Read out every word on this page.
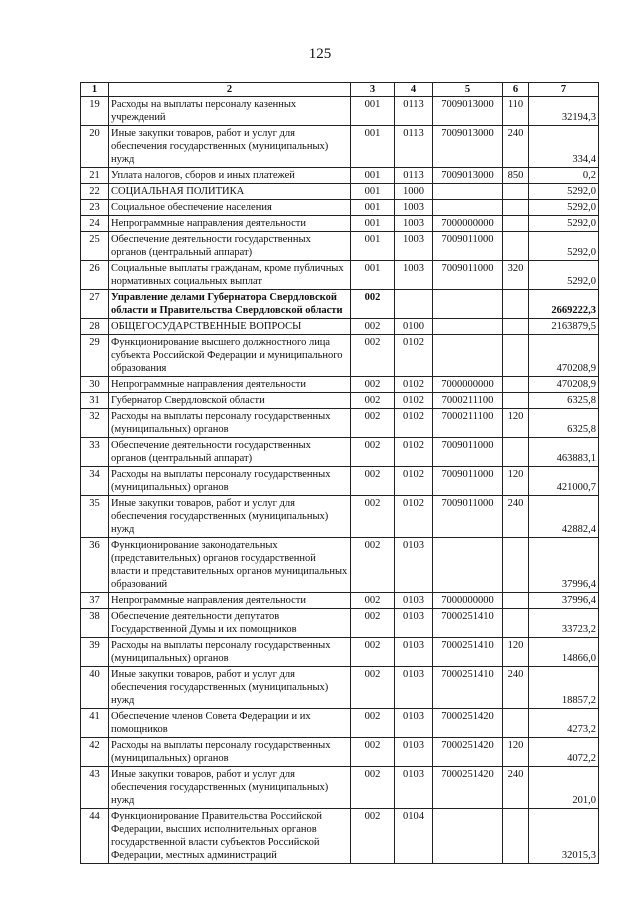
125
1	2	3	4	5	6	7
19	Расходы на выплаты персоналу казенных учреждений	001	0113	7009013000	110	32194,3
20	Иные закупки товаров, работ и услуг для обеспечения государственных (муниципальных) нужд	001	0113	7009013000	240	334,4
21	Уплата налогов, сборов и иных платежей	001	0113	7009013000	850	0,2
22	СОЦИАЛЬНАЯ ПОЛИТИКА	001	1000			5292,0
23	Социальное обеспечение населения	001	1003			5292,0
24	Непрограммные направления деятельности	001	1003	7000000000		5292,0
25	Обеспечение деятельности государственных органов (центральный аппарат)	001	1003	7009011000		5292,0
26	Социальные выплаты гражданам, кроме публичных нормативных социальных выплат	001	1003	7009011000	320	5292,0
27	Управление делами Губернатора Свердловской области и Правительства Свердловской области	002				2669222,3
28	ОБЩЕГОСУДАРСТВЕННЫЕ ВОПРОСЫ	002	0100			2163879,5
29	Функционирование высшего должностного лица субъекта Российской Федерации и муниципального образования	002	0102			470208,9
30	Непрограммные направления деятельности	002	0102	7000000000		470208,9
31	Губернатор Свердловской области	002	0102	7000211100		6325,8
32	Расходы на выплаты персоналу государственных (муниципальных) органов	002	0102	7000211100	120	6325,8
33	Обеспечение деятельности государственных органов (центральный аппарат)	002	0102	7009011000		463883,1
34	Расходы на выплаты персоналу государственных (муниципальных) органов	002	0102	7009011000	120	421000,7
35	Иные закупки товаров, работ и услуг для обеспечения государственных (муниципальных) нужд	002	0102	7009011000	240	42882,4
36	Функционирование законодательных (представительных) органов государственной власти и представительных органов муниципальных образований	002	0103			37996,4
37	Непрограммные направления деятельности	002	0103	7000000000		37996,4
38	Обеспечение деятельности депутатов Государственной Думы и их помощников	002	0103	7000251410		33723,2
39	Расходы на выплаты персоналу государственных (муниципальных) органов	002	0103	7000251410	120	14866,0
40	Иные закупки товаров, работ и услуг для обеспечения государственных (муниципальных) нужд	002	0103	7000251410	240	18857,2
41	Обеспечение членов Совета Федерации и их помощников	002	0103	7000251420		4273,2
42	Расходы на выплаты персоналу государственных (муниципальных) органов	002	0103	7000251420	120	4072,2
43	Иные закупки товаров, работ и услуг для обеспечения государственных (муниципальных) нужд	002	0103	7000251420	240	201,0
44	Функционирование Правительства Российской Федерации, высших исполнительных органов государственной власти субъектов Российской Федерации, местных администраций	002	0104			32015,3
